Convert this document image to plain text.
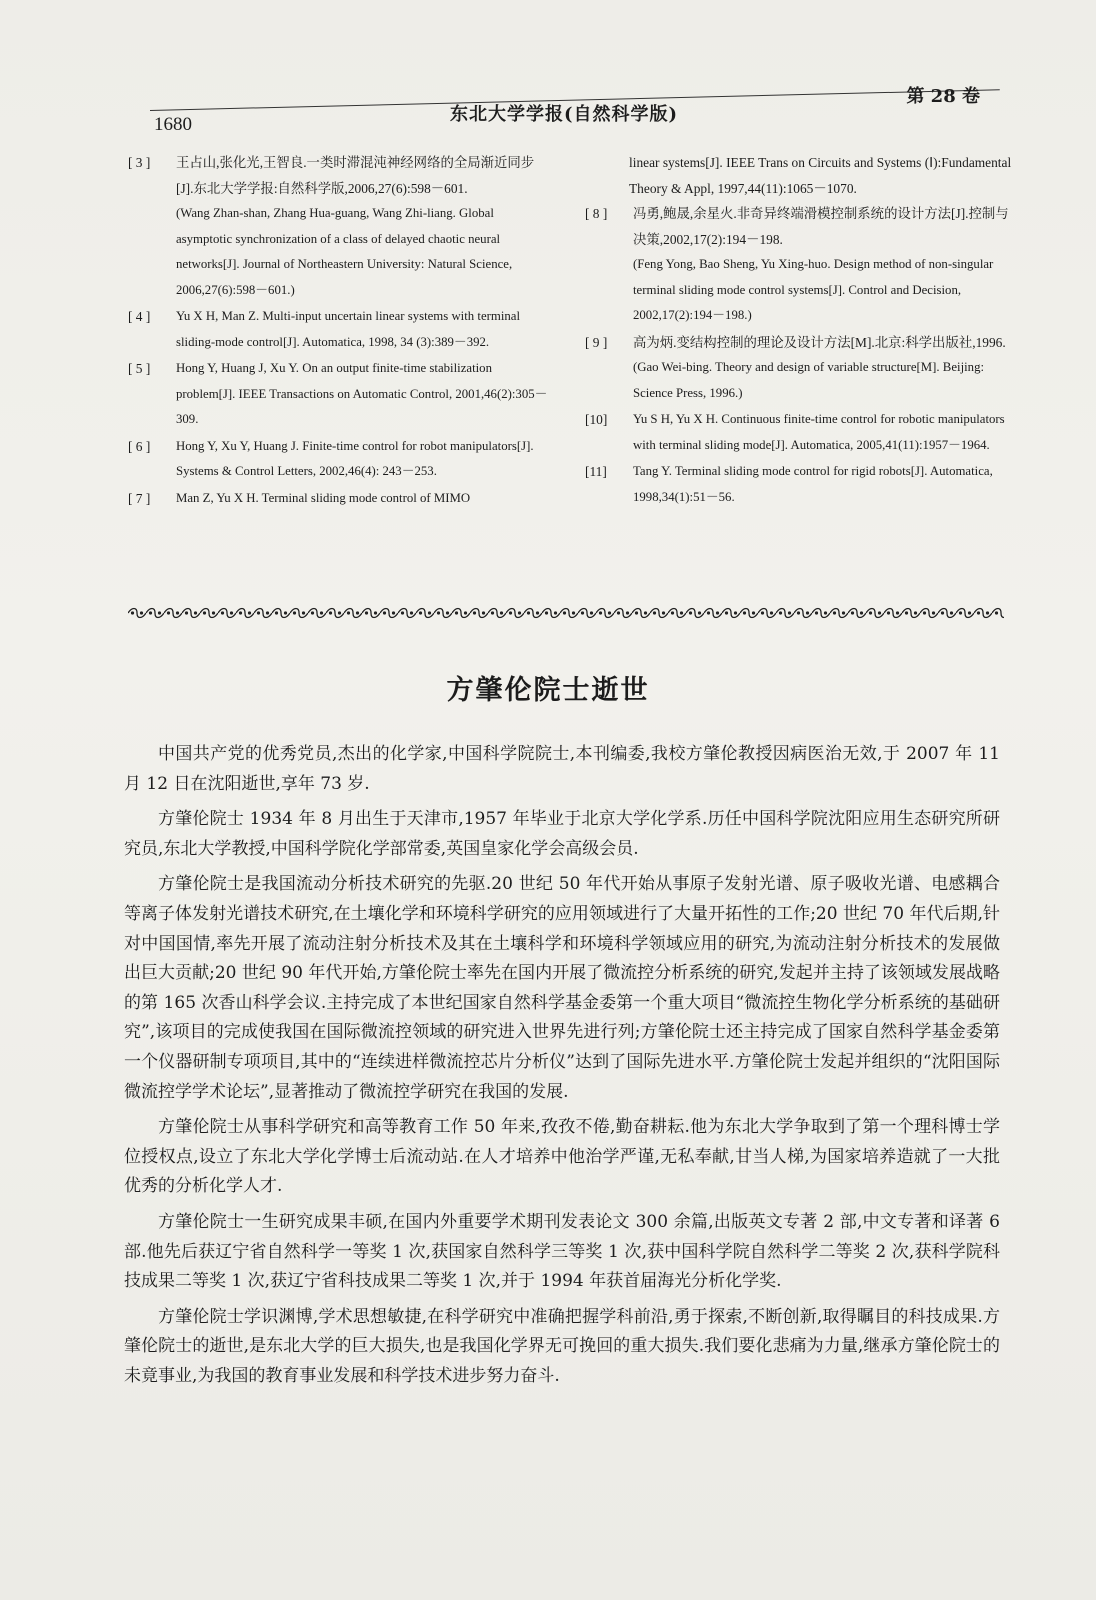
1680	东北大学学报(自然科学版)
第 28 卷
[ 3 ] 王占山,张化光,王智良.一类时滞混沌神经网络的全局渐近同步[J].东北大学学报:自然科学版,2006,27(6):598－601.

(Wang Zhan-shan, Zhang Hua-guang, Wang Zhi-liang. Global asymptotic synchronization of a class of delayed chaotic neural networks[J]. Journal of Northeastern University: Natural Science, 2006,27(6):598－601.)

[ 4 ] Yu X H, Man Z. Multi-input uncertain linear systems with terminal sliding-mode control[J]. Automatica, 1998, 34 (3):389－392.

[ 5 ] Hong Y, Huang J, Xu Y. On an output finite-time stabilization problem[J]. IEEE Transactions on Automatic Control, 2001,46(2):305－309.

[ 6 ] Hong Y, Xu Y, Huang J. Finite-time control for robot manipulators[J]. Systems & Control Letters, 2002,46(4): 243－253.

[ 7 ] Man Z, Yu X H. Terminal sliding mode control of MIMO

linear systems[J]. IEEE Trans on Circuits and Systems (Ⅰ):Fundamental Theory & Appl, 1997,44(11):1065－1070.
[ 8 ] 冯勇,鲍晟,余星火.非奇异终端滑模控制系统的设计方法[J].控制与决策,2002,17(2):194－198.

(Feng Yong, Bao Sheng, Yu Xing-huo. Design method of non-singular terminal sliding mode control systems[J]. Control and Decision, 2002,17(2):194－198.)

[ 9 ] 高为炳.变结构控制的理论及设计方法[M].北京:科学出版社,1996.

(Gao Wei-bing. Theory and design of variable structure[M]. Beijing: Science Press, 1996.)

[10] Yu S H, Yu X H. Continuous finite-time control for robotic manipulators with terminal sliding mode[J]. Automatica, 2005,41(11):1957－1964.

[11] Tang Y. Terminal sliding mode control for rigid robots[J]. Automatica, 1998,34(1):51－56.

方肇伦院士逝世

中国共产党的优秀党员,杰出的化学家,中国科学院院士,本刊编委,我校方肇伦教授因病医治无效,于 2007 年 11 月 12 日在沈阳逝世,享年 73 岁.

方肇伦院士 1934 年 8 月出生于天津市,1957 年毕业于北京大学化学系.历任中国科学院沈阳应用生态研究所研究员,东北大学教授,中国科学院化学部常委,英国皇家化学会高级会员.

方肇伦院士是我国流动分析技术研究的先驱.20 世纪 50 年代开始从事原子发射光谱、原子吸收光谱、电感耦合等离子体发射光谱技术研究,在土壤化学和环境科学研究的应用领域进行了大量开拓性的工作;20 世纪 70 年代后期,针对中国国情,率先开展了流动注射分析技术及其在土壤科学和环境科学领域应用的研究,为流动注射分析技术的发展做出巨大贡献;20 世纪 90 年代开始,方肇伦院士率先在国内开展了微流控分析系统的研究,发起并主持了该领域发展战略的第 165 次香山科学会议.主持完成了本世纪国家自然科学基金委第一个重大项目“微流控生物化学分析系统的基础研究”,该项目的完成使我国在国际微流控领域的研究进入世界先进行列;方肇伦院士还主持完成了国家自然科学基金委第一个仪器研制专项项目,其中的“连续进样微流控芯片分析仪”达到了国际先进水平.方肇伦院士发起并组织的“沈阳国际微流控学学术论坛”,显著推动了微流控学研究在我国的发展.

方肇伦院士从事科学研究和高等教育工作 50 年来,孜孜不倦,勤奋耕耘.他为东北大学争取到了第一个理科博士学位授权点,设立了东北大学化学博士后流动站.在人才培养中他治学严谨,无私奉献,甘当人梯,为国家培养造就了一大批优秀的分析化学人才.

方肇伦院士一生研究成果丰硕,在国内外重要学术期刊发表论文 300 余篇,出版英文专著 2 部,中文专著和译著 6 部.他先后获辽宁省自然科学一等奖 1 次,获国家自然科学三等奖 1 次,获中国科学院自然科学二等奖 2 次,获科学院科技成果二等奖 1 次,获辽宁省科技成果二等奖 1 次,并于 1994 年获首届海光分析化学奖.

方肇伦院士学识渊博,学术思想敏捷,在科学研究中准确把握学科前沿,勇于探索,不断创新,取得瞩目的科技成果.方肇伦院士的逝世,是东北大学的巨大损失,也是我国化学界无可挽回的重大损失.我们要化悲痛为力量,继承方肇伦院士的未竟事业,为我国的教育事业发展和科学技术进步努力奋斗.
